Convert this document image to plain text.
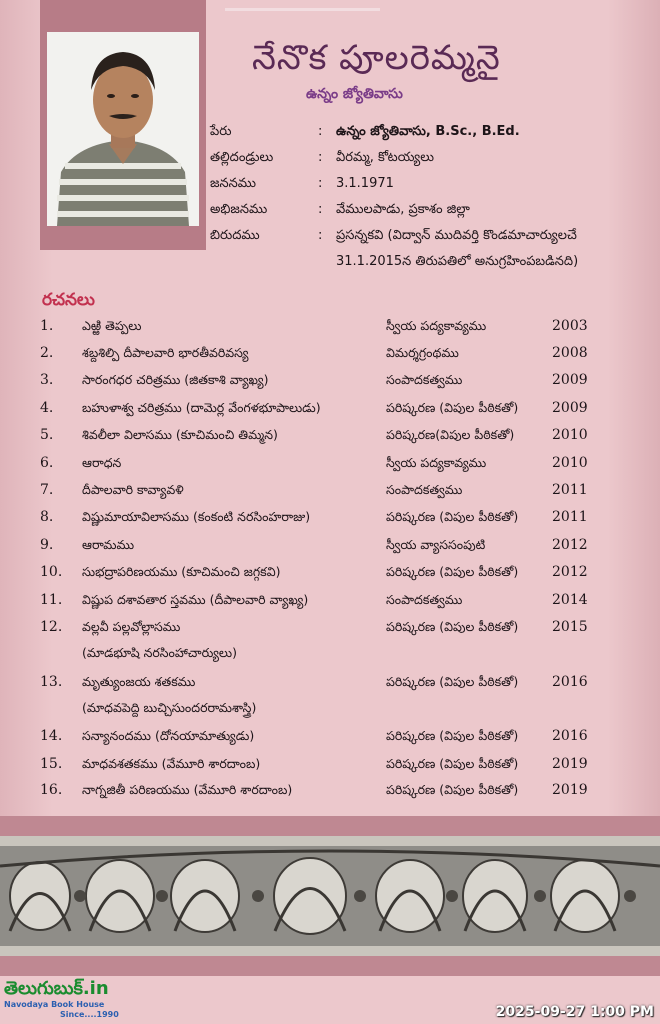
నేనొక పూలరెమ్మనై
ఉన్నం జ్యోతివాసు
పేరు	: ఉన్నం జ్యోతివాసు, B.Sc., B.Ed.
తల్లిదండ్రులు	: వీరమ్మ, కోటయ్యలు
జననము	: 3.1.1971
అభిజనము	: వేములపాడు, ప్రకాశం జిల్లా
బిరుదము	: ప్రసన్నకవి (విద్వాన్ ముదివర్తి కొండమాచార్యులచే
31.1.2015న తిరుపతిలో అనుగ్రహింపబడినది)
రచనలు
1. ఎఱ్ఱి తెప్పలు	స్వీయ పద్యకావ్యము	2003
2. శబ్దశిల్పి దీపాలవారి భారతీవరివస్య	విమర్శగ్రంథము	2008
3. సారంగధర చరిత్రము (జితకాశి వ్యాఖ్య)	సంపాదకత్వము	2009
4. బహుళాశ్వ చరిత్రము (దామెర్ల వేంగళభూపాలుడు)	పరిష్కరణ (విపుల పీఠికతో) 2009
5. శివలీలా విలాసము (కూచిమంచి తిమ్మన)	పరిష్కరణ(విపుల పీఠికతో)	2010
6. ఆరాధన	స్వీయ పద్యకావ్యము	2010
7. దీపాలవారి కావ్యావళి	సంపాదకత్వము	2011
8. విష్ణుమాయావిలాసము (కంకంటి నరసింహరాజు)	పరిష్కరణ (విపుల పీఠికతో) 2011
9. ఆరామము	స్వీయ వ్యాససంపుటి	2012
10. సుభద్రాపరిణయము (కూచిమంచి జగ్గకవి)	పరిష్కరణ (విపుల పీఠికతో) 2012
11. విష్ణుప దశావతార స్తవము (దీపాలవారి వ్యాఖ్య)	సంపాదకత్వము	2014
12. వల్లవీ పల్లవోల్లాసము
(మాడభూషి నరసింహాచార్యులు)
పరిష్కరణ (విపుల పీఠికతో) 2015
13. మృత్యుంజయ శతకము
(మాధవపెద్ది బుచ్చిసుందరరామశాస్త్రి)
పరిష్కరణ (విపుల పీఠికతో) 2016
14. సన్యానందము (దోనయామాత్యుడు)	పరిష్కరణ (విపుల పీఠికతో) 2016
15. మాధవశతకము (వేమూరి శారదాంబ)	పరిష్కరణ (విపుల పీఠికతో) 2019
16. నాగ్నజితీ పరిణయము (వేమూరి శారదాంబ)	పరిష్కరణ (విపుల పీఠికతో) 2019
తెలుగుబుక్.in
Navodaya Book House
Since....1990	2025-09-27 1:00 PM
